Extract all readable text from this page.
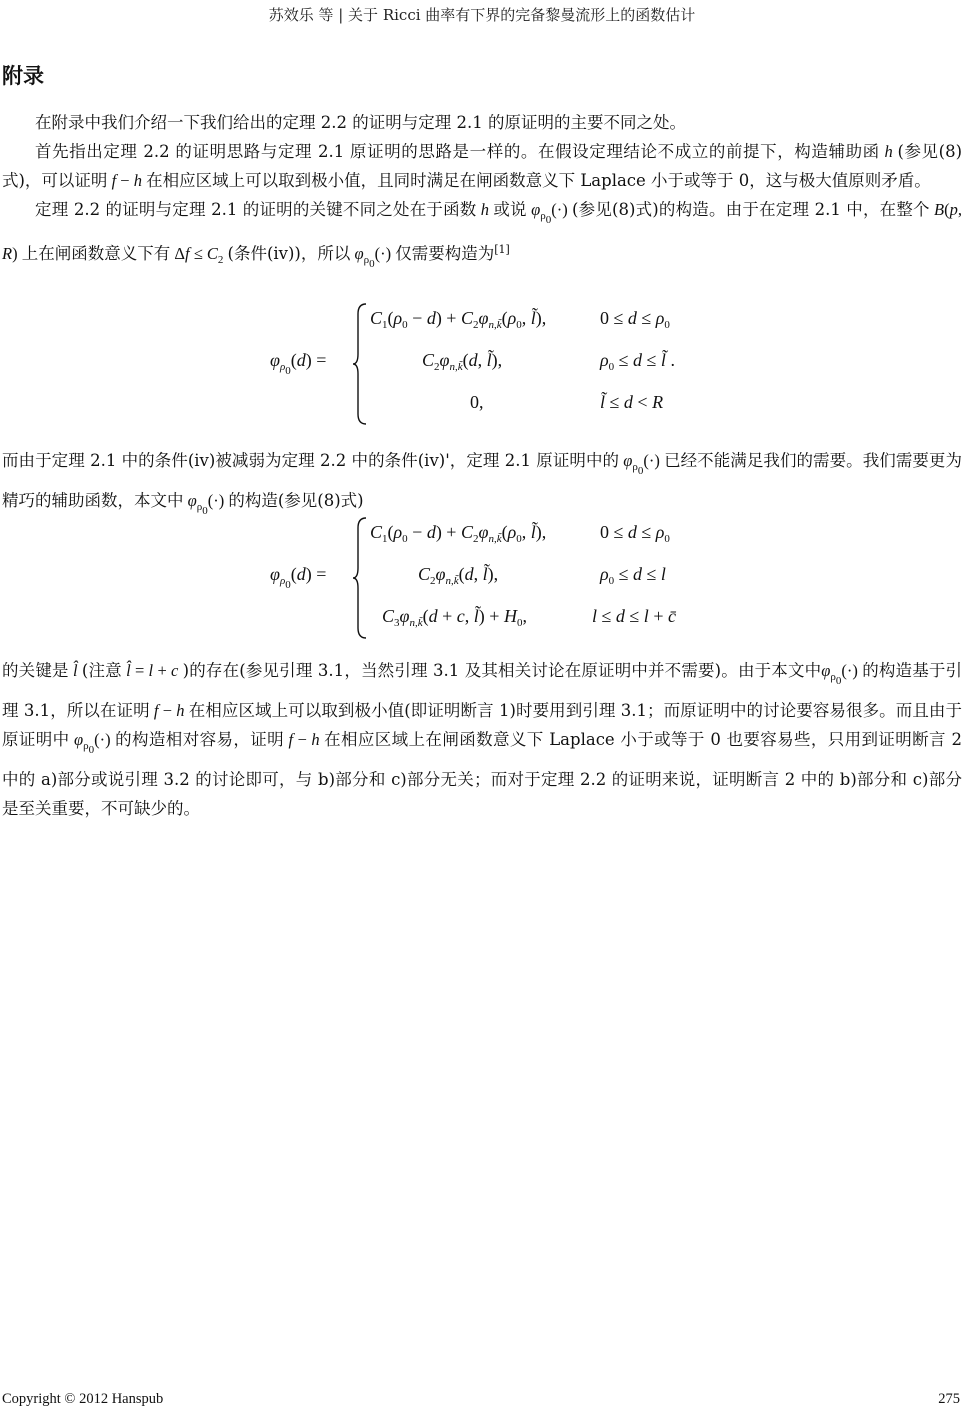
苏效乐 等 | 关于 Ricci 曲率有下界的完备黎曼流形上的函数估计
附录

在附录中我们介绍一下我们给出的定理 2.2 的证明与定理 2.1 的原证明的主要不同之处。

首先指出定理 2.2 的证明思路与定理 2.1 原证明的思路是一样的。在假设定理结论不成立的前提下，构造辅助函 h (参见(8)式)，可以证明 f − h 在相应区域上可以取到极小值，且同时满足在闸函数意义下 Laplace 小于或等于 0，这与极大值原则矛盾。

定理 2.2 的证明与定理 2.1 的证明的关键不同之处在于函数 h 或说 $\varphi_{\rho_0}(\cdot)$ (参见(8)式)的构造。由于在定理 2.1 中，在整个 B(p, R) 上在闸函数意义下有 $\Delta f \le C_2$ (条件(iv))，所以 $\varphi_{\rho_0}(\cdot)$ 仅需要构造为[1]

$\varphi_{\rho_0}(d)$ =
$C_1(\rho_0 - d) + C_2\varphi_{n,k̃}(\rho_0$, l̃),	$0 \le d \le \rho_0$
$C_2\varphi_{n,k̃}(d$, l̃),	$\rho_0 \le d$ ≤ l̃ .
0,	l̃ ≤ d < R

而由于定理 2.1 中的条件(iv)被减弱为定理 2.2 中的条件(iv)'，定理 2.1 原证明中的 $\varphi_{\rho_0}(\cdot)$ 已经不能满足我们的需要。我们需要更为精巧的辅助函数，本文中 $\varphi_{\rho_0}(\cdot)$ 的构造(参见(8)式)

$\varphi_{\rho_0}(d)$ =
$C_1(\rho_0 - d) + C_2\varphi_{n,k̃}(\rho_0$, l̃),	$0 \le d \le \rho_0$
$C_2\varphi_{n,k̃}(d$, l̃),	$\rho_0 \le d \le l$
$C_3\varphi_{n,k̃}(d + c$, l̃) + $H_0$,	l ≤ d ≤ l + c̄

的关键是 l̂ (注意 l̂ = l + c )的存在(参见引理 3.1，当然引理 3.1 及其相关讨论在原证明中并不需要)。由于本文中$\varphi_{\rho_0}(\cdot)$ 的构造基于引理 3.1，所以在证明 f − h 在相应区域上可以取到极小值(即证明断言 1)时要用到引理 3.1；而原证明中的讨论要容易很多。而且由于原证明中 $\varphi_{\rho_0}(\cdot)$ 的构造相对容易，证明 f − h 在相应区域上在闸函数意义下 Laplace 小于或等于 0 也要容易些，只用到证明断言 2 中的 a)部分或说引理 3.2 的讨论即可，与 b)部分和 c)部分无关；而对于定理 2.2 的证明来说，证明断言 2 中的 b)部分和 c)部分是至关重要，不可缺少的。

Copyright © 2012 Hanspub	275
